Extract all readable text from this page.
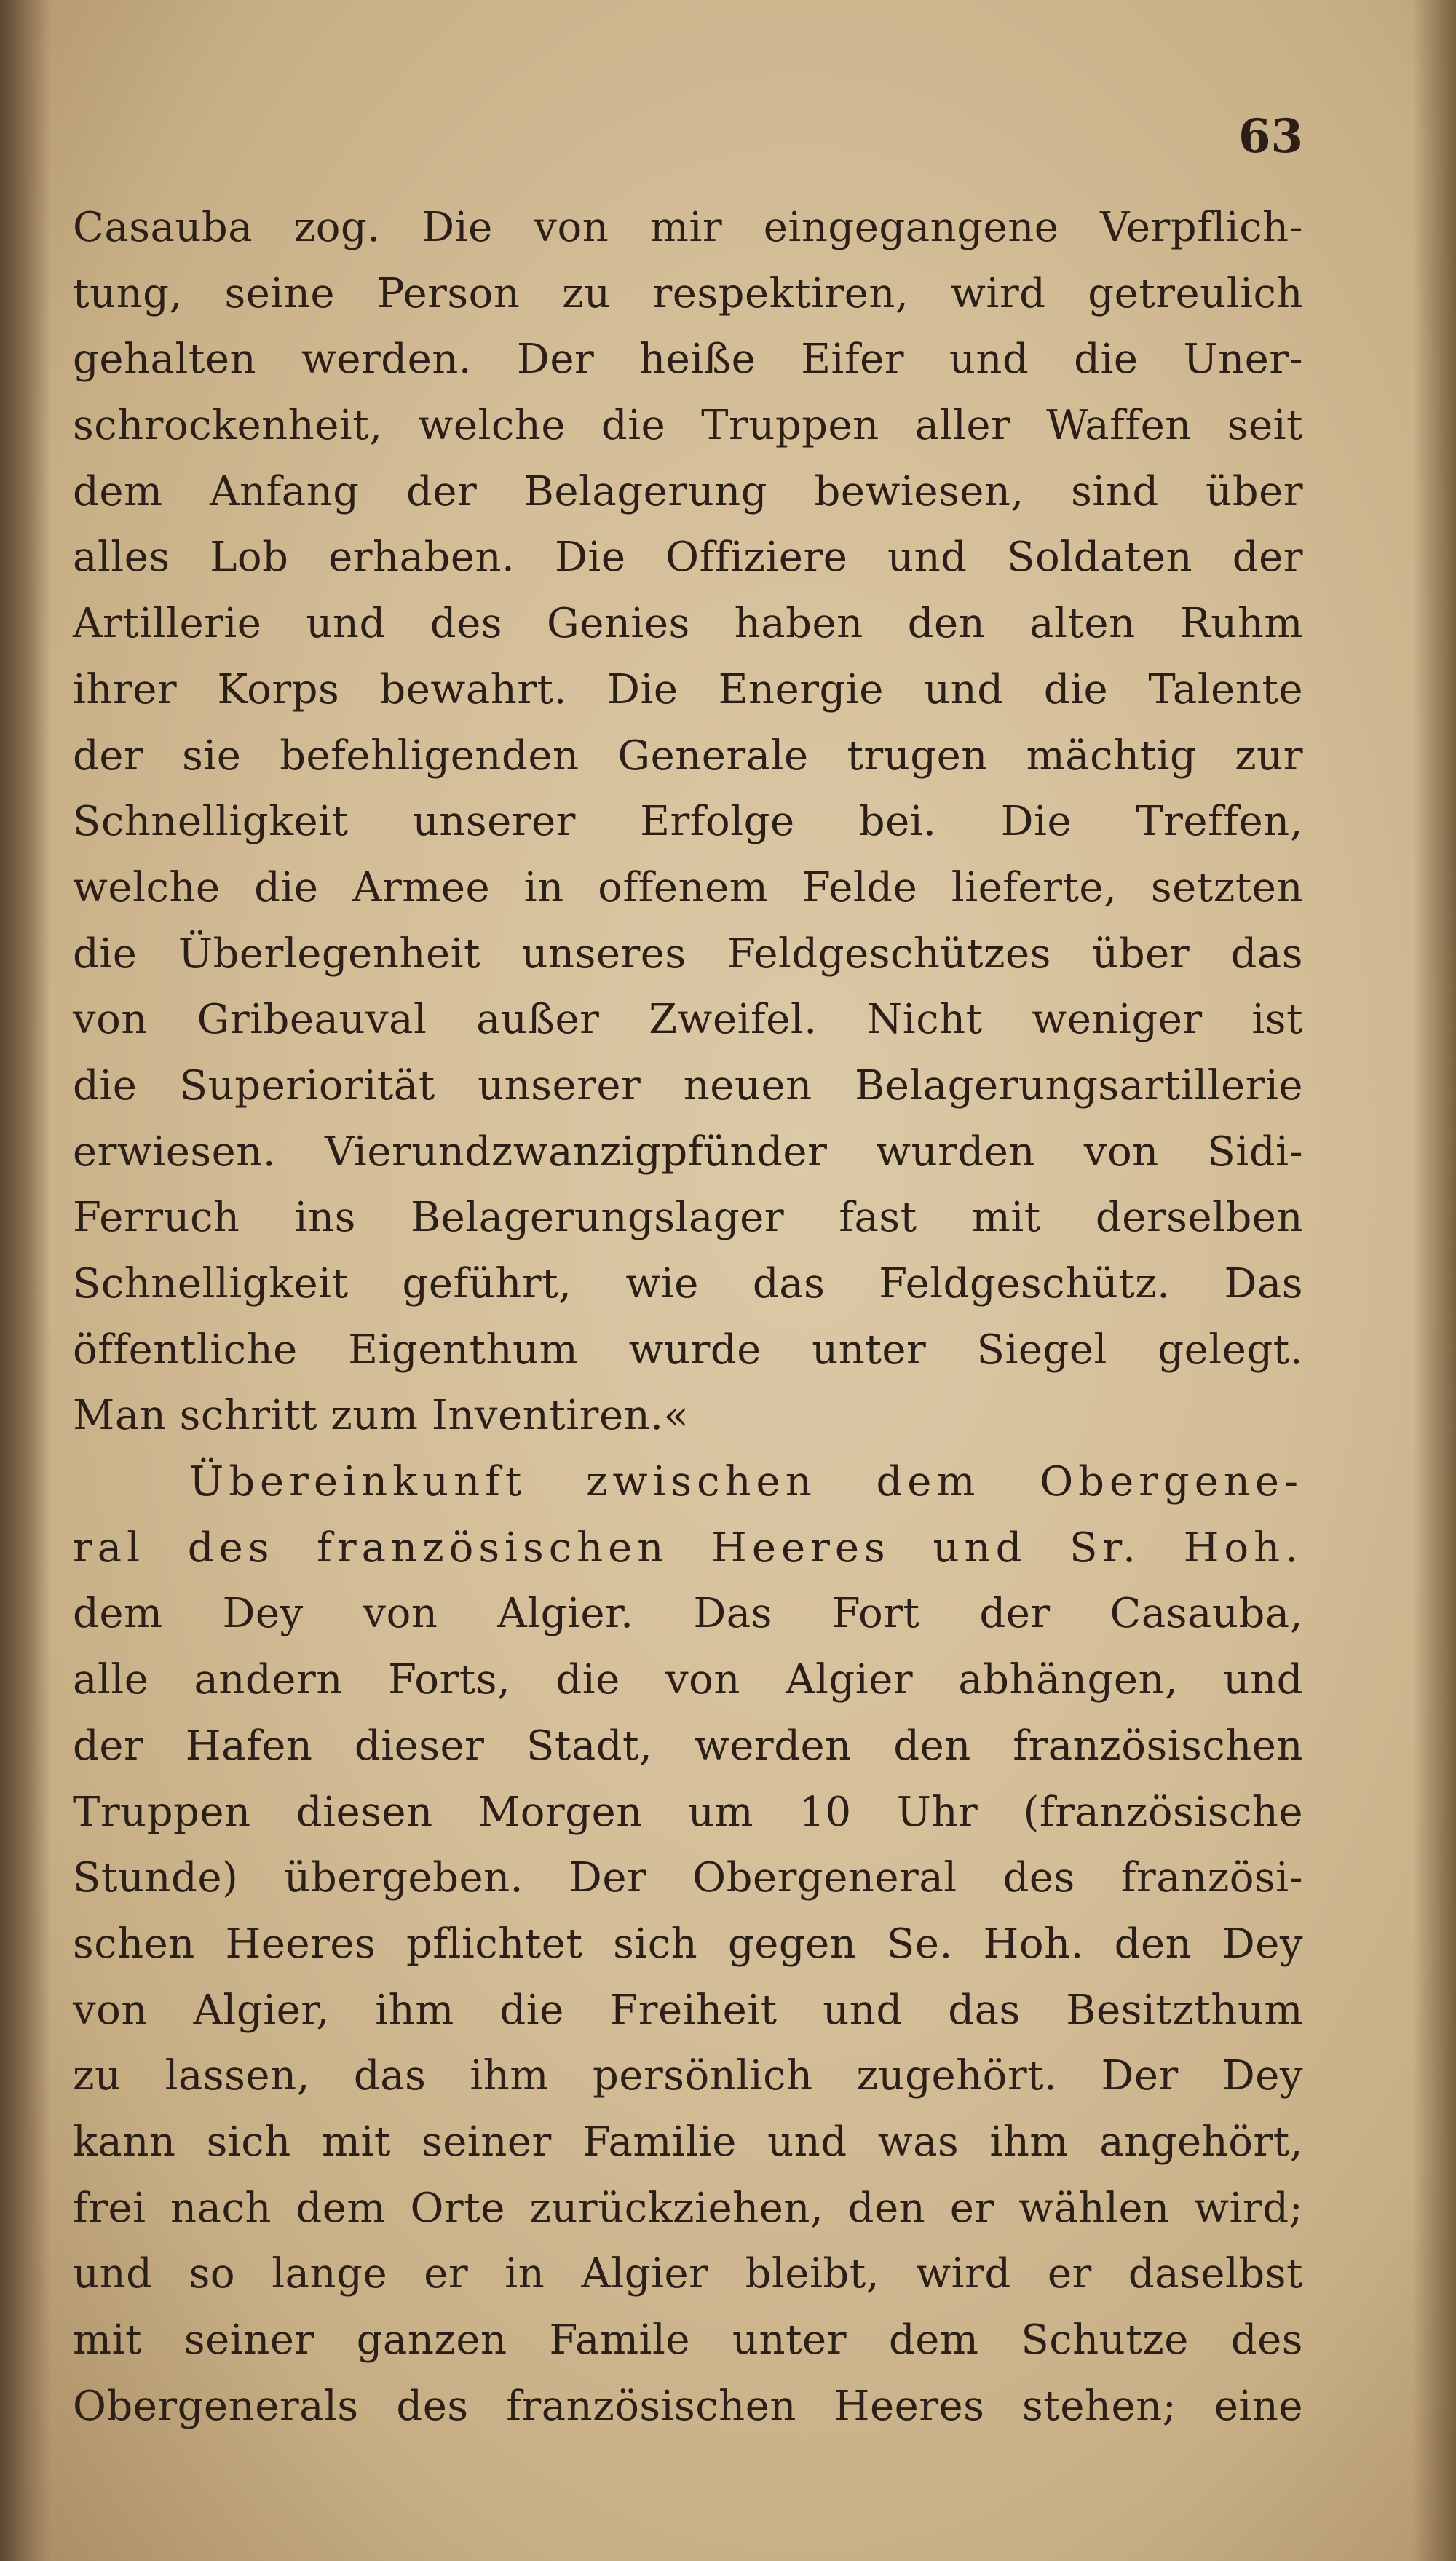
63
Casauba zog. Die von mir eingegangene Verpflich-
tung, seine Person zu respektiren, wird getreulich
gehalten werden. Der heiße Eifer und die Uner-
schrockenheit, welche die Truppen aller Waffen seit
dem Anfang der Belagerung bewiesen, sind über
alles Lob erhaben. Die Offiziere und Soldaten der
Artillerie und des Genies haben den alten Ruhm
ihrer Korps bewahrt. Die Energie und die Talente
der sie befehligenden Generale trugen mächtig zur
Schnelligkeit unserer Erfolge bei. Die Treffen,
welche die Armee in offenem Felde lieferte, setzten
die Überlegenheit unseres Feldgeschützes über das
von Gribeauval außer Zweifel. Nicht weniger ist
die Superiorität unserer neuen Belagerungsartillerie
erwiesen. Vierundzwanzigpfünder wurden von Sidi-
Ferruch ins Belagerungslager fast mit derselben
Schnelligkeit geführt, wie das Feldgeschütz. Das
öffentliche Eigenthum wurde unter Siegel gelegt.
Man schritt zum Inventiren.«
Übereinkunft zwischen dem Obergene-
ral des französischen Heeres und Sr. Hoh.
dem Dey von Algier. Das Fort der Casauba,
alle andern Forts, die von Algier abhängen, und
der Hafen dieser Stadt, werden den französischen
Truppen diesen Morgen um 10 Uhr (französische
Stunde) übergeben. Der Obergeneral des französi-
schen Heeres pflichtet sich gegen Se. Hoh. den Dey
von Algier, ihm die Freiheit und das Besitzthum
zu lassen, das ihm persönlich zugehört. Der Dey
kann sich mit seiner Familie und was ihm angehört,
frei nach dem Orte zurückziehen, den er wählen wird;
und so lange er in Algier bleibt, wird er daselbst
mit seiner ganzen Famile unter dem Schutze des
Obergenerals des französischen Heeres stehen; eine
